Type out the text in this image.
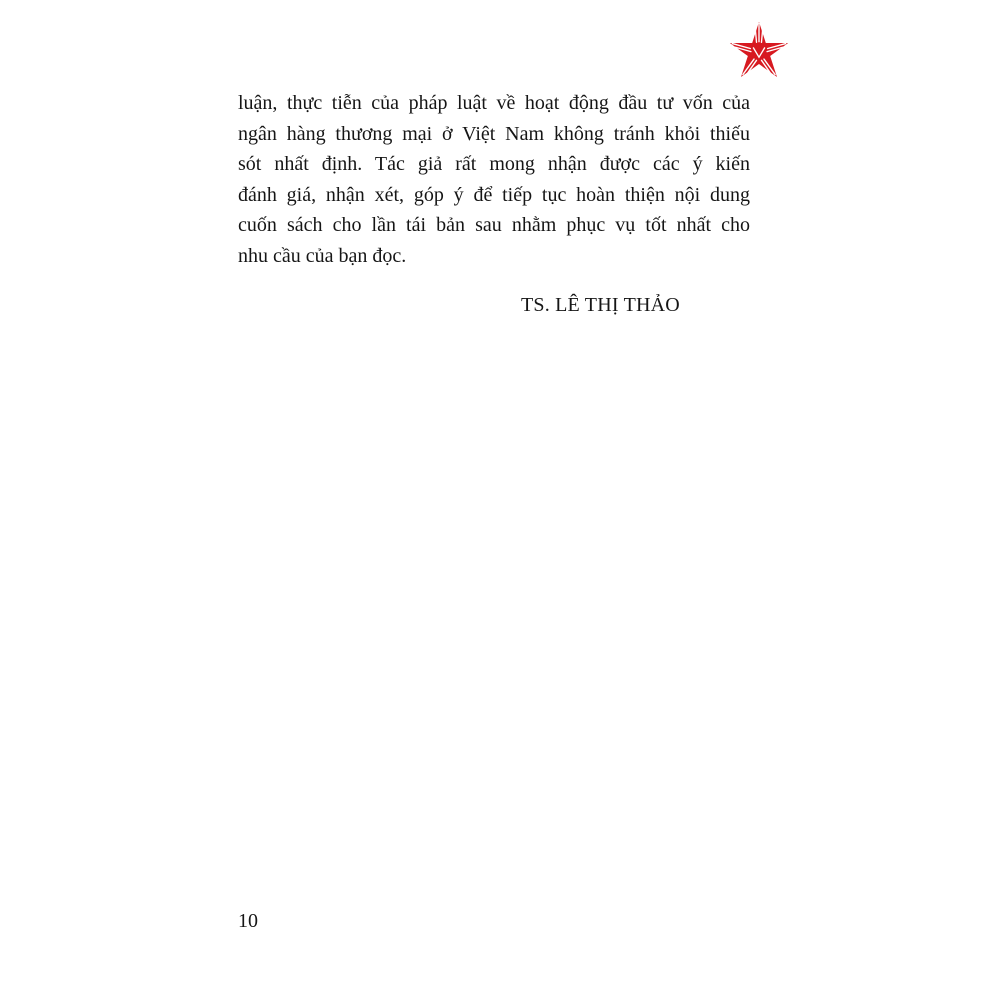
luận, thực tiễn của pháp luật về hoạt động đầu tư vốn của
ngân hàng thương mại ở Việt Nam không tránh khỏi thiếu
sót nhất định. Tác giả rất mong nhận được các ý kiến
đánh giá, nhận xét, góp ý để tiếp tục hoàn thiện nội dung
cuốn sách cho lần tái bản sau nhằm phục vụ tốt nhất cho
nhu cầu của bạn đọc.

TS. LÊ THỊ THẢO

10
